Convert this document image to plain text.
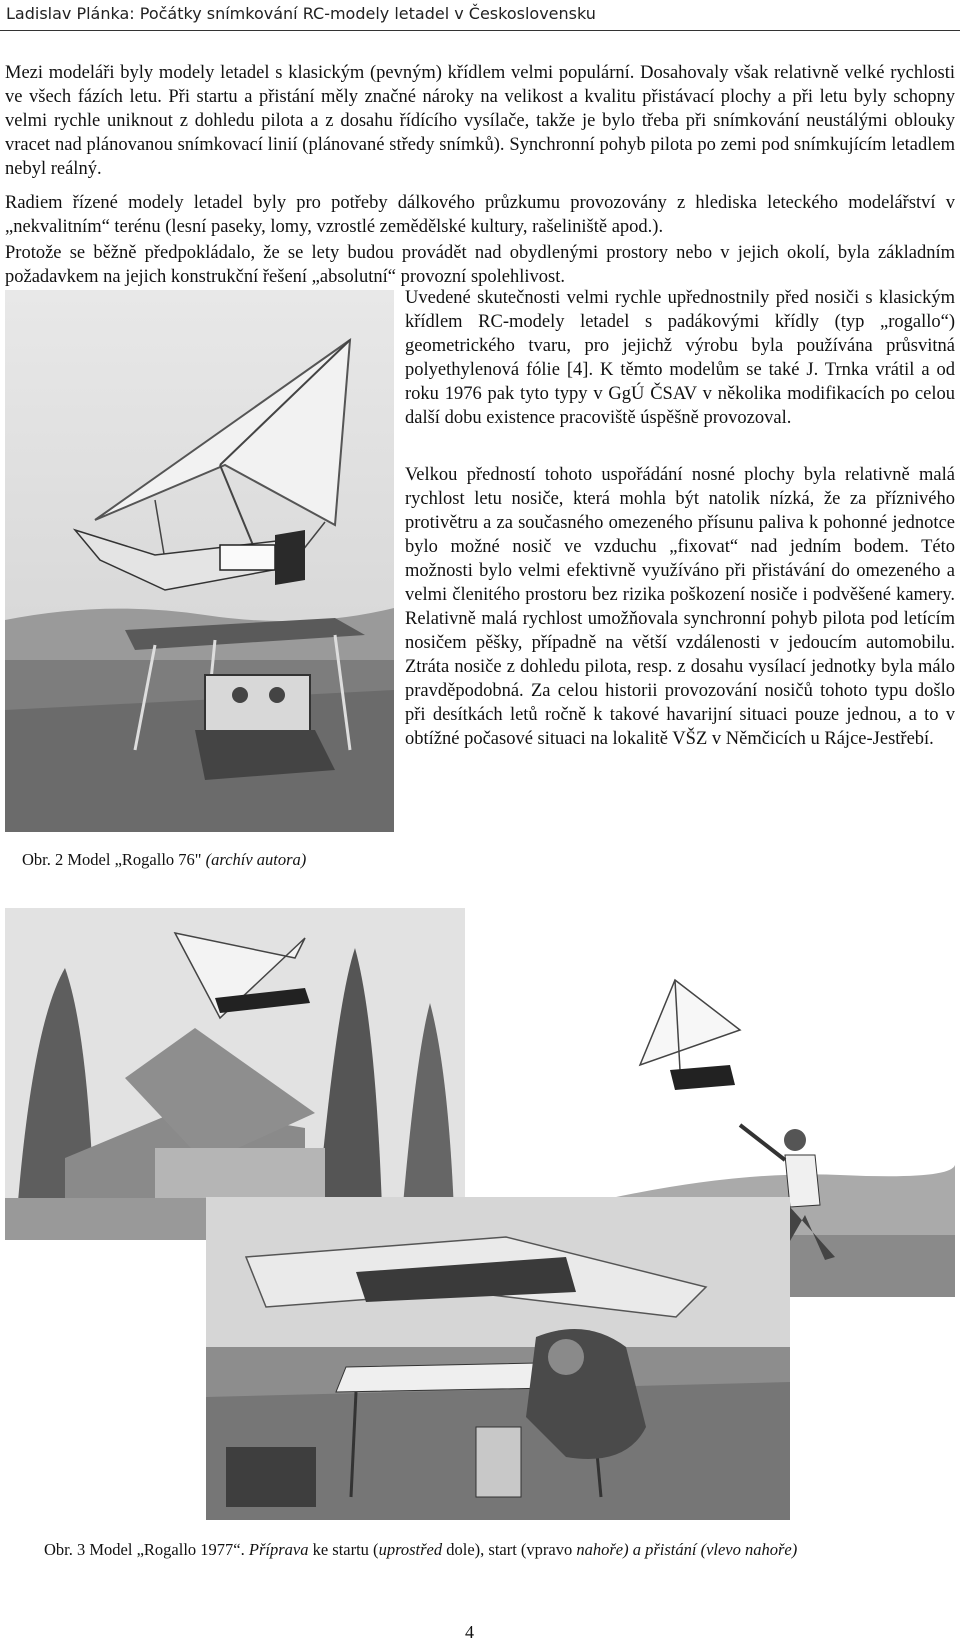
Ladislav Plánka: Počátky snímkování RC-modely letadel v Československu

Mezi modeláři byly modely letadel s klasickým (pevným) křídlem velmi populární. Dosahovaly však relativně velké rychlosti ve všech fázích letu. Při startu a přistání měly značné nároky na velikost a kvalitu přistávací plochy a při letu byly schopny velmi rychle uniknout z dohledu pilota a z dosahu řídícího vysílače, takže je bylo třeba při snímkování neustálými oblouky vracet nad plánovanou snímkovací linií (plánované středy snímků). Synchronní pohyb pilota po zemi pod snímkujícím letadlem nebyl reálný.

Radiem řízené modely letadel byly pro potřeby dálkového průzkumu provozovány z hlediska leteckého modelářství v „nekvalitním“ terénu (lesní paseky, lomy, vzrostlé zemědělské kultury, rašeliniště apod.).

Protože se běžně předpokládalo, že se lety budou provádět nad obydlenými prostory nebo v jejich okolí, byla základním požadavkem na jejich konstrukční řešení „absolutní“ provozní spolehlivost.

Uvedené skutečnosti velmi rychle upřednostnily před nosiči s klasickým křídlem RC-modely letadel s padákovými křídly (typ „rogallo“) geometrického tvaru, pro jejichž výrobu byla používána průsvitná polyethylenová fólie [4]. K těmto modelům se také J. Trnka vrátil a od roku 1976 pak tyto typy v GgÚ ČSAV v několika modifikacích po celou další dobu existence pracoviště úspěšně provozoval.

Velkou předností tohoto uspořádání nosné plochy byla relativně malá rychlost letu nosiče, která mohla být natolik nízká, že za příznivého protivětru a za současného omezeného přísunu paliva k pohonné jednotce bylo možné nosič ve vzduchu „fixovat“ nad jedním bodem. Této možnosti bylo velmi efektivně využíváno při přistávání do omezeného a velmi členitého prostoru bez rizika poškození nosiče i podvěšené kamery. Relativně malá rychlost umožňovala synchronní pohyb pilota pod letícím nosičem pěšky, případně na větší vzdálenosti v jedoucím automobilu. Ztráta nosiče z dohledu pilota, resp. z dosahu vysílací jednotky byla málo pravděpodobná. Za celou historii provozování nosičů tohoto typu došlo při desítkách letů ročně k takové havarijní situaci pouze jednou, a to v obtížné počasové situaci na lokalitě VŠZ v Němčicích u Rájce-Jestřebí.

Obr. 2 Model „Rogallo 76" (archív autora)
Obr. 3 Model „Rogallo 1977“. Příprava ke startu (uprostřed dole), start (vpravo nahoře) a přistání (vlevo nahoře)
4
